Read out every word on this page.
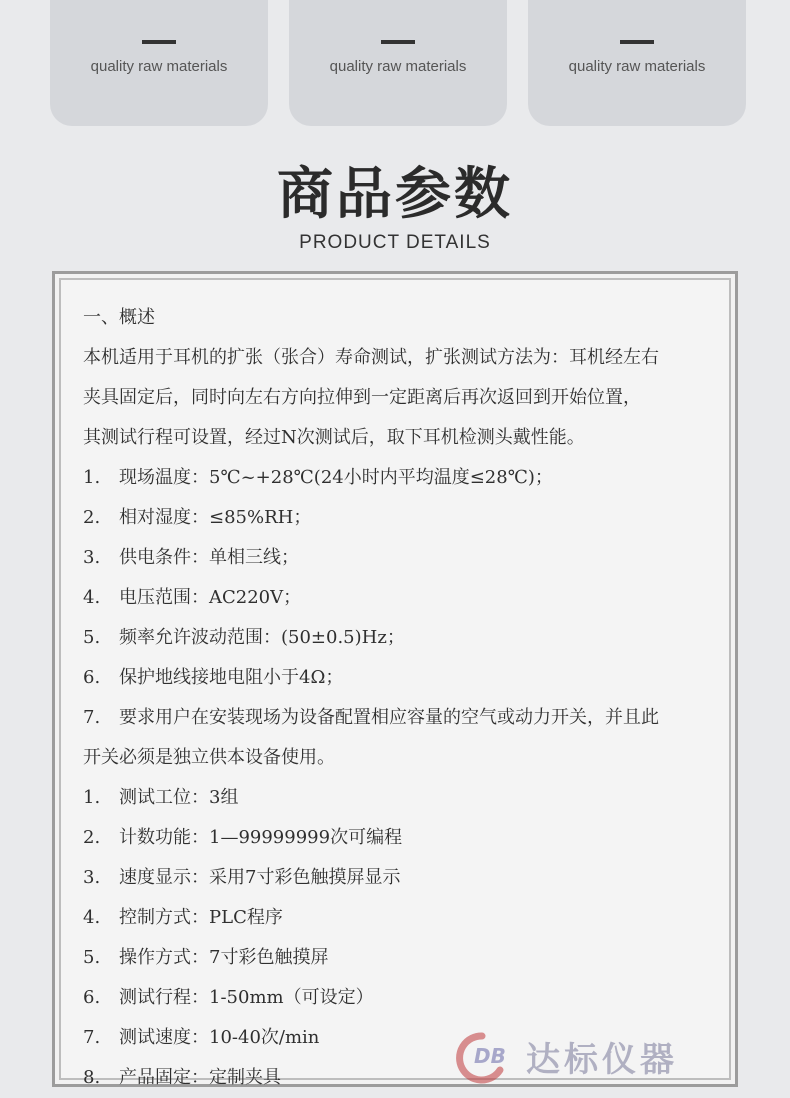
quality raw materials	quality raw materials	quality raw materials
商品参数
PRODUCT DETAILS
一、概述
本机适用于耳机的扩张（张合）寿命测试，扩张测试方法为：耳机经左右
夹具固定后，同时向左右方向拉伸到一定距离后再次返回到开始位置，
其测试行程可设置，经过N次测试后，取下耳机检测头戴性能。
1. 现场温度：5℃~+28℃(24小时内平均温度≤28℃)；
2. 相对湿度：≤85%RH；
3. 供电条件：单相三线；
4. 电压范围：AC220V；
5. 频率允许波动范围：(50±0.5)Hz；
6. 保护地线接地电阻小于4Ω；
7. 要求用户在安装现场为设备配置相应容量的空气或动力开关，并且此
开关必须是独立供本设备使用。
1. 测试工位：3组
2. 计数功能：1—99999999次可编程
3. 速度显示：采用7寸彩色触摸屏显示
4. 控制方式：PLC程序
5. 操作方式：7寸彩色触摸屏
6. 测试行程：1-50mm（可设定）
7. 测试速度：10-40次/min
8. 产品固定：定制夹具
DB 达标仪器
